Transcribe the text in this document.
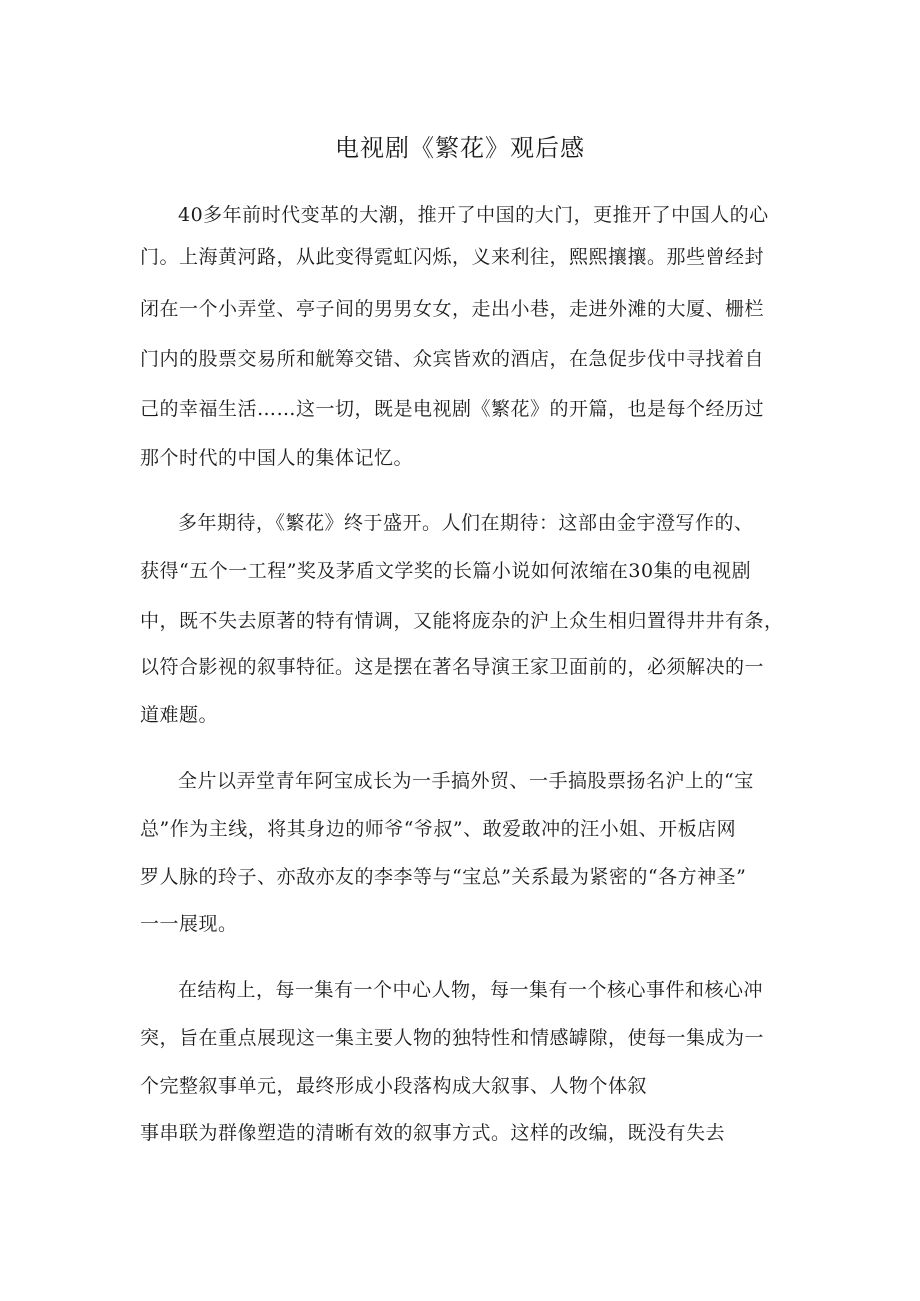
电视剧《繁花》观后感

40多年前时代变革的大潮，推开了中国的大门，更推开了中国人的心

门。上海黄河路，从此变得霓虹闪烁，义来利往，熙熙攘攘。那些曾经封

闭在一个小弄堂、亭子间的男男女女，走出小巷，走进外滩的大厦、栅栏

门内的股票交易所和觥筹交错、众宾皆欢的酒店，在急促步伐中寻找着自

己的幸福生活……这一切，既是电视剧《繁花》的开篇，也是每个经历过

那个时代的中国人的集体记忆。

多年期待，《繁花》终于盛开。人们在期待：这部由金宇澄写作的、

获得“五个一工程”奖及茅盾文学奖的长篇小说如何浓缩在30集的电视剧

中，既不失去原著的特有情调，又能将庞杂的沪上众生相归置得井井有条，

以符合影视的叙事特征。这是摆在著名导演王家卫面前的，必须解决的一

道难题。

全片以弄堂青年阿宝成长为一手搞外贸、一手搞股票扬名沪上的“宝

总”作为主线，将其身边的师爷“爷叔”、敢爱敢冲的汪小姐、开板店网

罗人脉的玲子、亦敌亦友的李李等与“宝总”关系最为紧密的“各方神圣”

一一展现。

在结构上，每一集有一个中心人物，每一集有一个核心事件和核心冲

突，旨在重点展现这一集主要人物的独特性和情感罅隙，使每一集成为一

个完整叙事单元，最终形成小段落构成大叙事、人物个体叙

事串联为群像塑造的清晰有效的叙事方式。这样的改编，既没有失去
